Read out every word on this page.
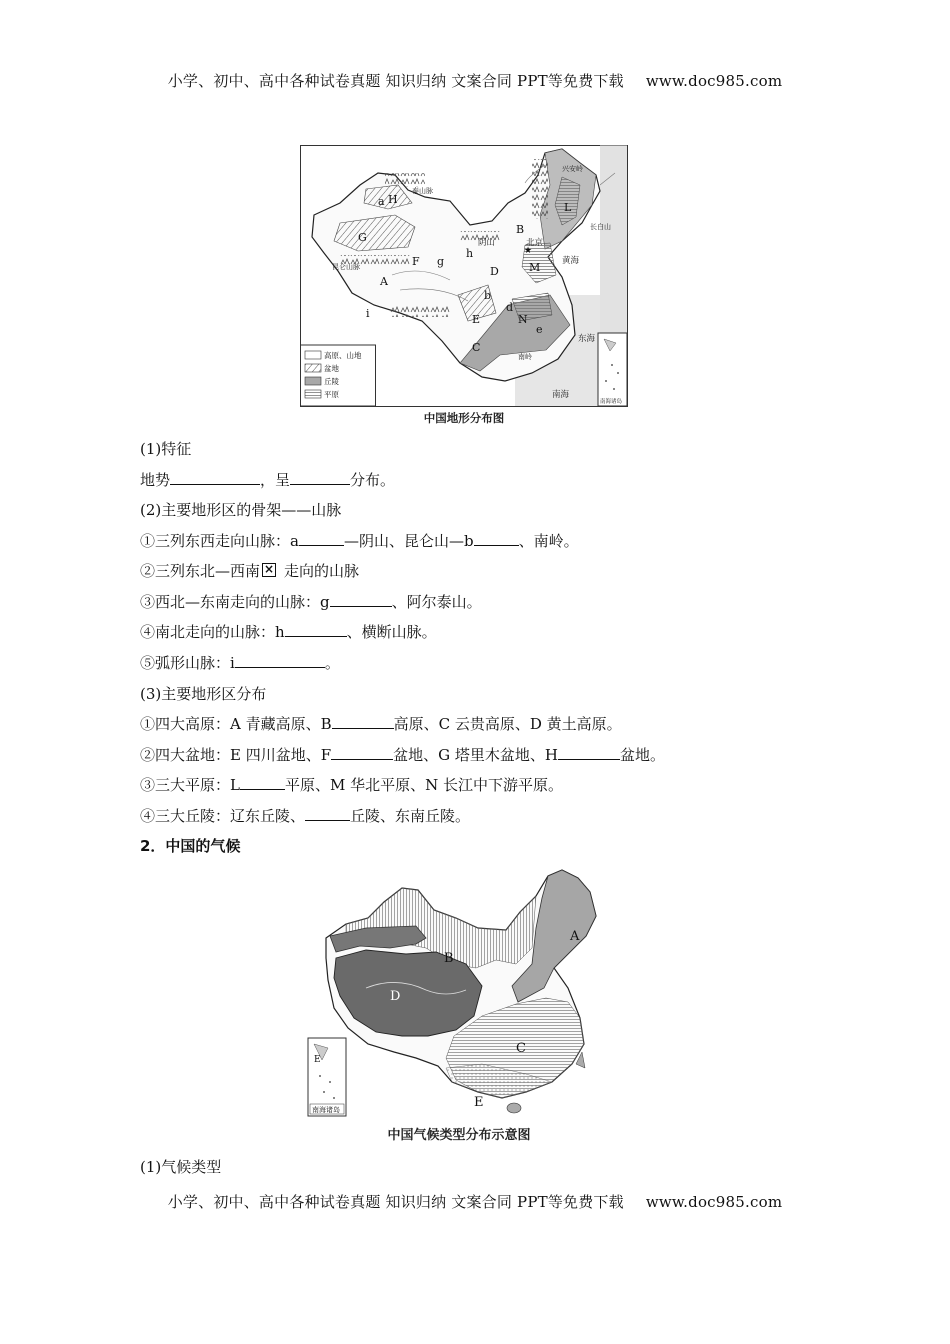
小学、初中、高中各种试卷真题 知识归纳 文案合同 PPT等免费下载 www.doc985.com
a H
G
F g
h
A
B
D	M
L
E
C
N
i
b
d
e
北京
黄海
东海
南海
阴山
长白山
兴安岭
昆仑山脉
泰山脉
南岭
★
高原、山地
盆地
丘陵
平原
南海诸岛
中国地形分布图
(1)特征
地势	，呈	分布。
(2)主要地形区的骨架——山脉
①三列东西走向山脉：a	—阴山、昆仑山—b	、南岭。
②三列东北—西南 × 走向的山脉
③西北—东南走向的山脉：g	、阿尔泰山。
④南北走向的山脉：h	、横断山脉。
⑤弧形山脉：i	。
(3)主要地形区分布
①四大高原：A 青藏高原、B	高原、C 云贵高原、D 黄土高原。
②四大盆地：E 四川盆地、F	盆地、G 塔里木盆地、H	盆地。
③三大平原：L	平原、M 华北平原、N 长江中下游平原。
④三大丘陵：辽东丘陵、	丘陵、东南丘陵。
2．中国的气候
A
B
C
D
E
E
南海诸岛
中国气候类型分布示意图
(1)气候类型
小学、初中、高中各种试卷真题 知识归纳 文案合同 PPT等免费下载 www.doc985.com
